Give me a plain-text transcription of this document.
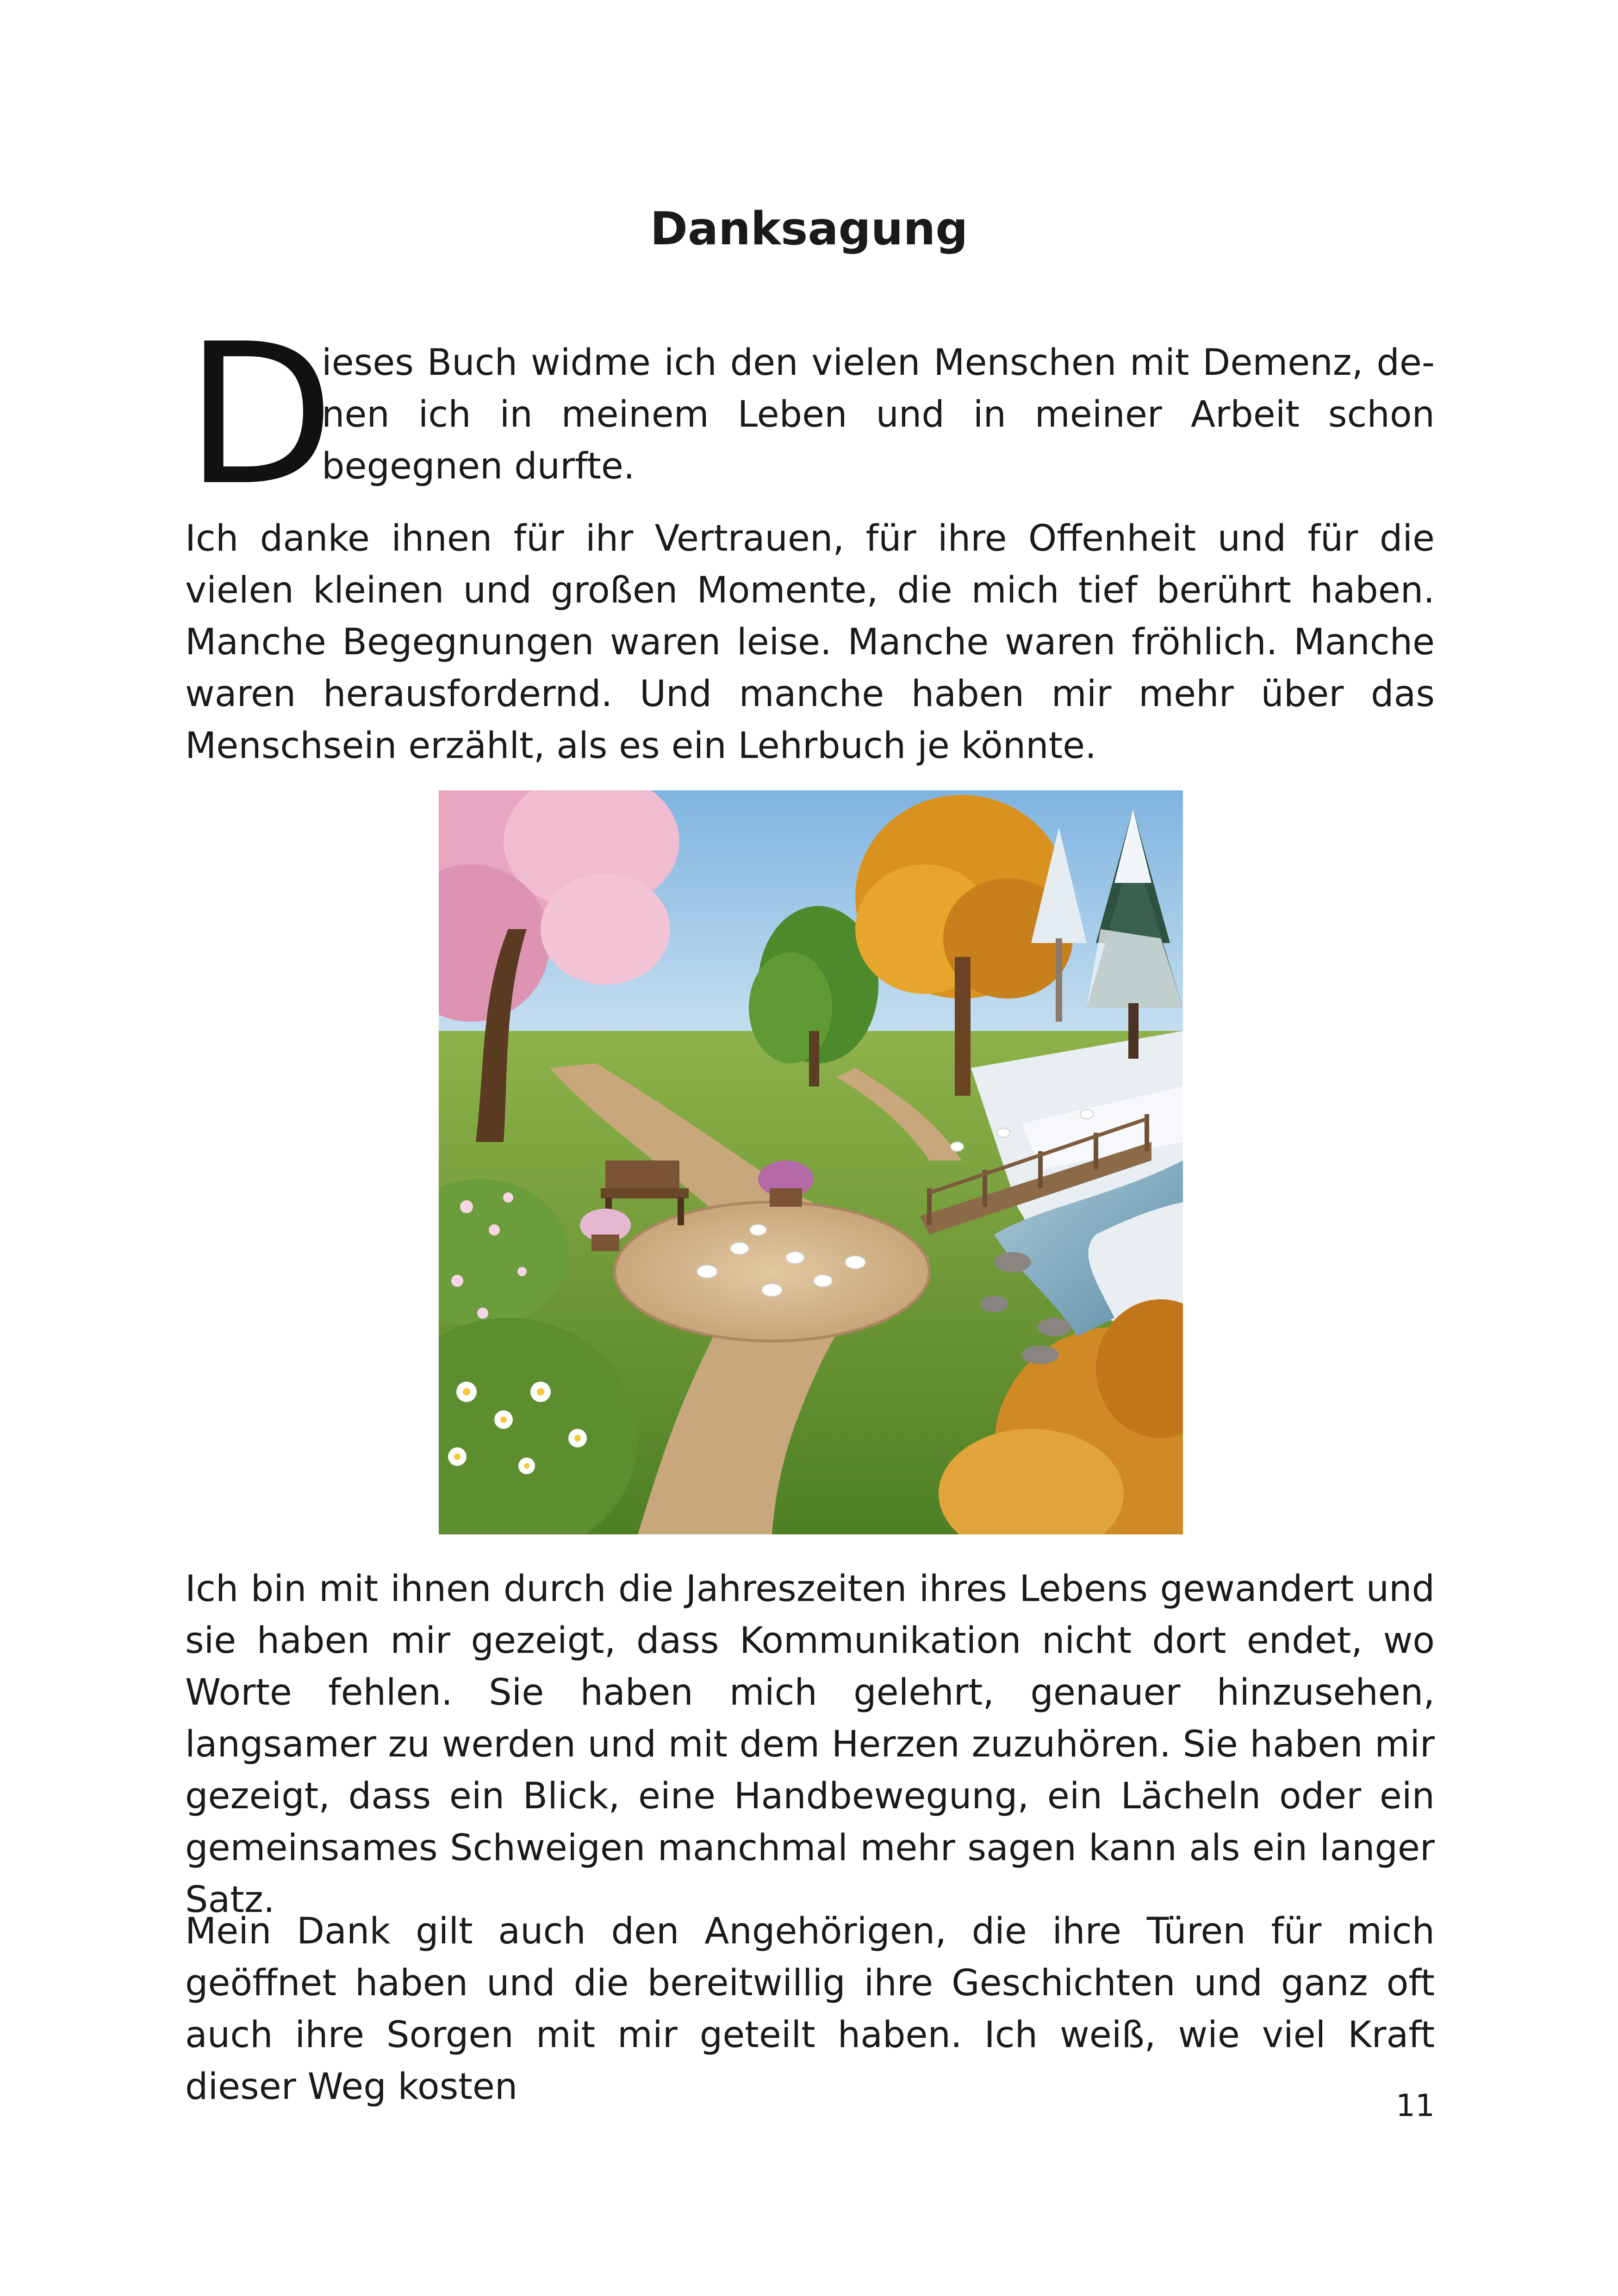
Danksagung
D

ieses Buch widme ich den vielen Menschen mit Demenz, denen ich in meinem Leben und in meiner Arbeit schon begegnen durfte.

Ich danke ihnen für ihr Vertrauen, für ihre Offenheit und für die vielen kleinen und großen Momente, die mich tief berührt haben. Manche Begegnungen waren leise. Manche waren fröhlich. Manche waren herausfordernd. Und manche haben mir mehr über das Menschsein erzählt, als es ein Lehrbuch je könnte.

Ich bin mit ihnen durch die Jahreszeiten ihres Lebens gewandert und sie haben mir gezeigt, dass Kommunikation nicht dort endet, wo Worte fehlen. Sie haben mich gelehrt, genauer hinzusehen, langsamer zu werden und mit dem Herzen zuzuhören. Sie haben mir gezeigt, dass ein Blick, eine Handbewegung, ein Lächeln oder ein gemeinsames Schweigen manchmal mehr sagen kann als ein langer Satz.

Mein Dank gilt auch den Angehörigen, die ihre Türen für mich geöffnet haben und die bereitwillig ihre Geschichten und ganz oft auch ihre Sorgen mit mir geteilt haben. Ich weiß, wie viel Kraft dieser Weg kosten	11
